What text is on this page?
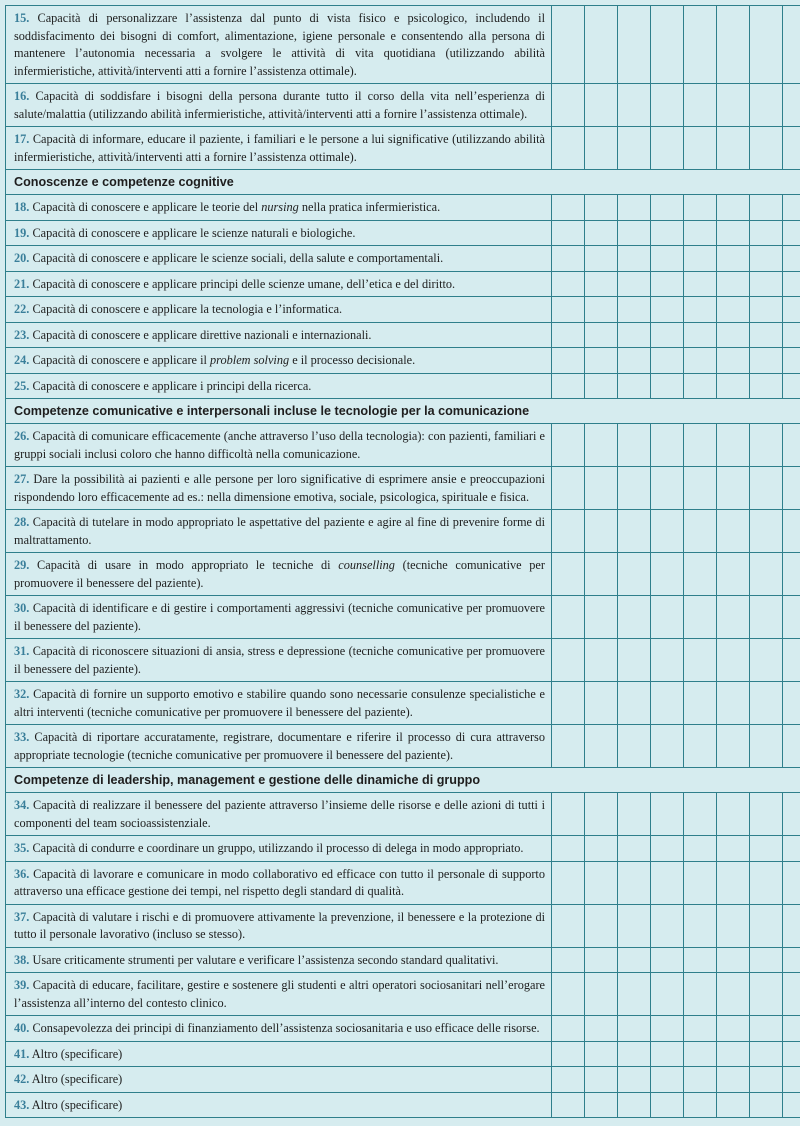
15. Capacità di personalizzare l’assistenza dal punto di vista fisico e psicologico, includendo il soddisfacimento dei bisogni di comfort, alimentazione, igiene personale e consentendo alla persona di mantenere l’autonomia necessaria a svolgere le attività di vita quotidiana (utilizzando abilità infermieristiche, attività/interventi atti a fornire l’assistenza ottimale).								
16. Capacità di soddisfare i bisogni della persona durante tutto il corso della vita nell’esperienza di salute/malattia (utilizzando abilità infermieristiche, attività/interventi atti a fornire l’assistenza ottimale).								
17. Capacità di informare, educare il paziente, i familiari e le persone a lui significative (utilizzando abilità infermieristiche, attività/interventi atti a fornire l’assistenza ottimale).								
Conoscenze e competenze cognitive								
18. Capacità di conoscere e applicare le teorie del nursing nella pratica infermieristica.								
19. Capacità di conoscere e applicare le scienze naturali e biologiche.								
20. Capacità di conoscere e applicare le scienze sociali, della salute e comportamentali.								
21. Capacità di conoscere e applicare principi delle scienze umane, dell’etica e del diritto.								
22. Capacità di conoscere e applicare la tecnologia e l’informatica.								
23. Capacità di conoscere e applicare direttive nazionali e internazionali.								
24. Capacità di conoscere e applicare il problem solving e il processo decisionale.								
25. Capacità di conoscere e applicare i principi della ricerca.								
Competenze comunicative e interpersonali incluse le tecnologie per la comunicazione								
26. Capacità di comunicare efficacemente (anche attraverso l’uso della tecnologia): con pazienti, familiari e gruppi sociali inclusi coloro che hanno difficoltà nella comunicazione.								
27. Dare la possibilità ai pazienti e alle persone per loro significative di esprimere ansie e preoccupazioni rispondendo loro efficacemente ad es.: nella dimensione emotiva, sociale, psicologica, spirituale e fisica.								
28. Capacità di tutelare in modo appropriato le aspettative del paziente e agire al fine di prevenire forme di maltrattamento.								
29. Capacità di usare in modo appropriato le tecniche di counselling (tecniche comunicative per promuovere il benessere del paziente).								
30. Capacità di identificare e di gestire i comportamenti aggressivi (tecniche comunicative per promuovere il benessere del paziente).								
31. Capacità di riconoscere situazioni di ansia, stress e depressione (tecniche comunicative per promuovere il benessere del paziente).								
32. Capacità di fornire un supporto emotivo e stabilire quando sono necessarie consulenze specialistiche e altri interventi (tecniche comunicative per promuovere il benessere del paziente).								
33. Capacità di riportare accuratamente, registrare, documentare e riferire il processo di cura attraverso appropriate tecnologie (tecniche comunicative per promuovere il benessere del paziente).								
Competenze di leadership, management e gestione delle dinamiche di gruppo								
34. Capacità di realizzare il benessere del paziente attraverso l’insieme delle risorse e delle azioni di tutti i componenti del team socioassistenziale.								
35. Capacità di condurre e coordinare un gruppo, utilizzando il processo di delega in modo appropriato.								
36. Capacità di lavorare e comunicare in modo collaborativo ed efficace con tutto il personale di supporto attraverso una efficace gestione dei tempi, nel rispetto degli standard di qualità.								
37. Capacità di valutare i rischi e di promuovere attivamente la prevenzione, il benessere e la protezione di tutto il personale lavorativo (incluso se stesso).								
38. Usare criticamente strumenti per valutare e verificare l’assistenza secondo standard qualitativi.								
39. Capacità di educare, facilitare, gestire e sostenere gli studenti e altri operatori sociosanitari nell’erogare l’assistenza all’interno del contesto clinico.								
40. Consapevolezza dei principi di finanziamento dell’assistenza sociosanitaria e uso efficace delle risorse.								
41. Altro (specificare)								
42. Altro (specificare)								
43. Altro (specificare)								
